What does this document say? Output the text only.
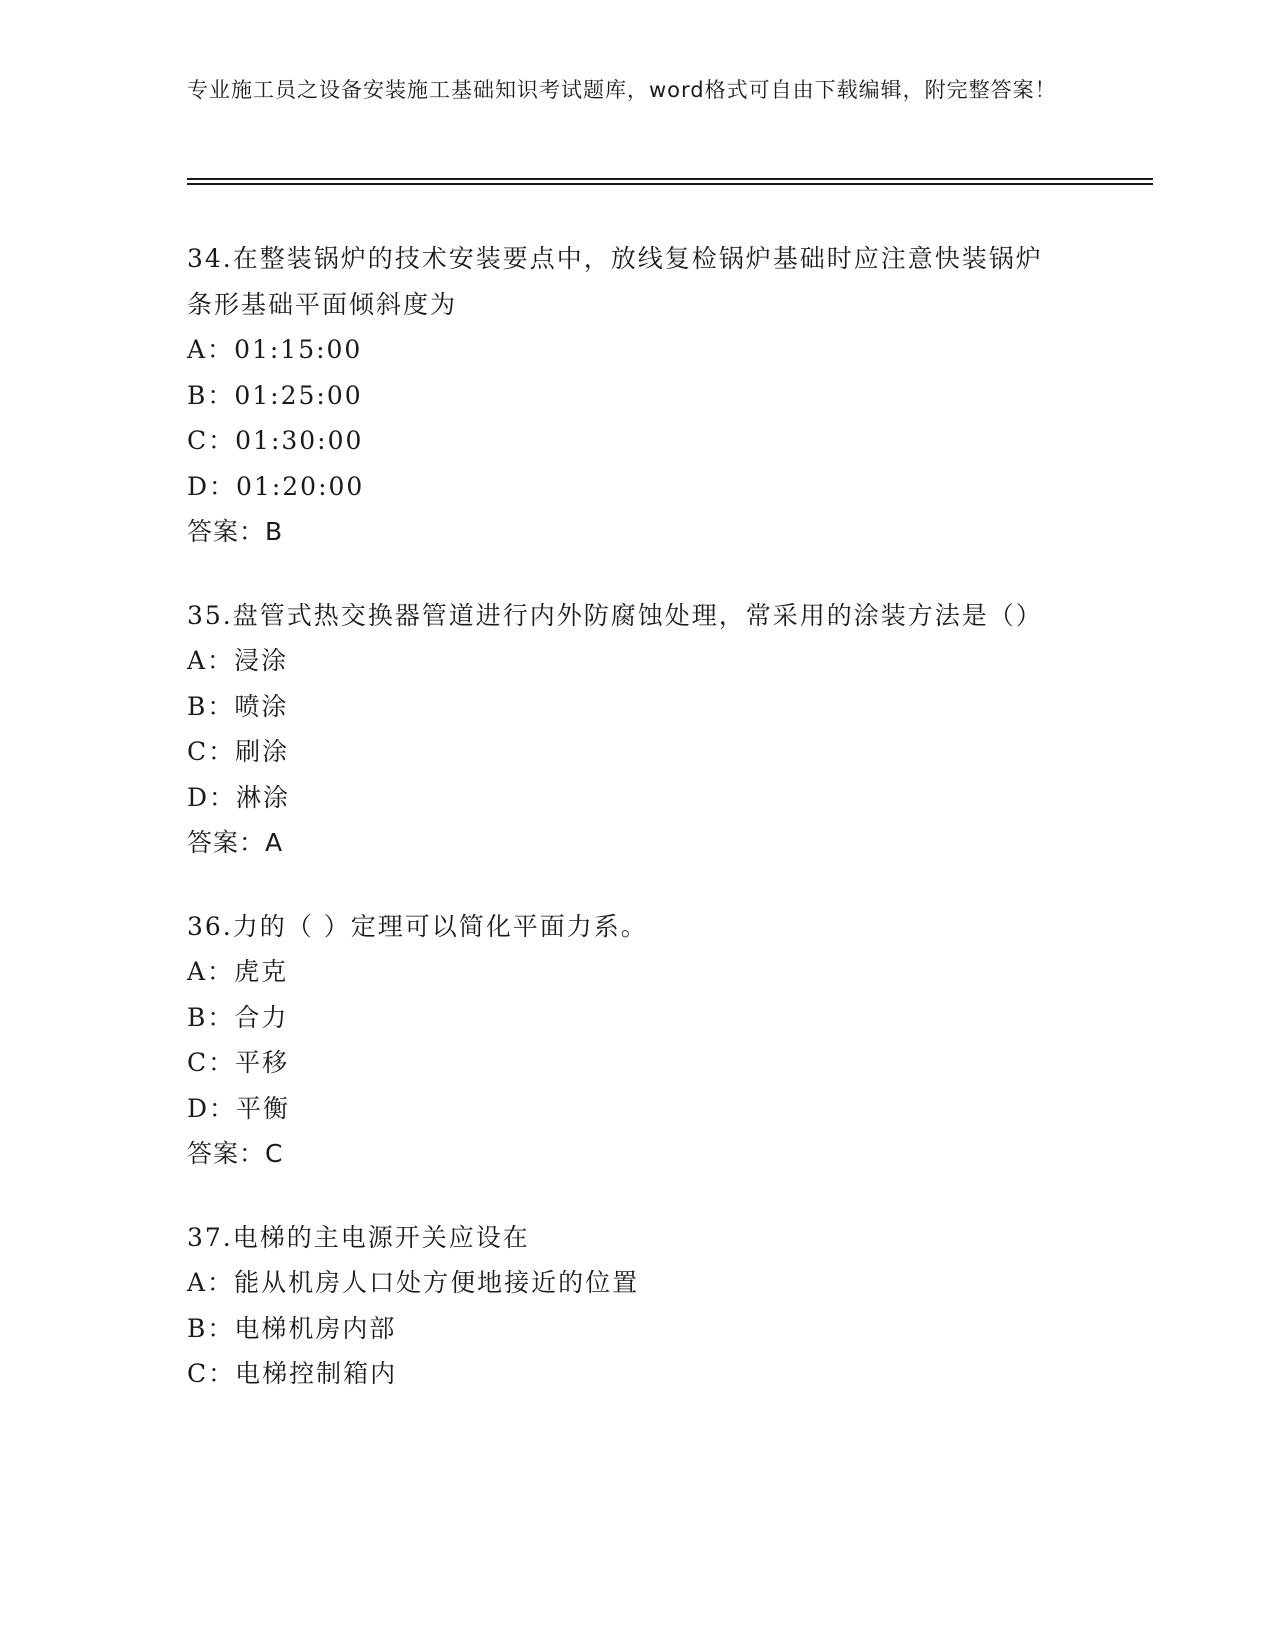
专业施工员之设备安装施工基础知识考试题库，word格式可自由下载编辑，附完整答案！
34.在整装锅炉的技术安装要点中，放线复检锅炉基础时应注意快装锅炉条形基础平面倾斜度为
A：01:15:00
B：01:25:00
C：01:30:00
D：01:20:00
答案：B
35.盘管式热交换器管道进行内外防腐蚀处理，常采用的涂装方法是（）
A：浸涂
B：喷涂
C：刷涂
D：淋涂
答案：A
36.力的（ ）定理可以简化平面力系。
A：虎克
B：合力
C：平移
D：平衡
答案：C
37.电梯的主电源开关应设在
A：能从机房人口处方便地接近的位置
B：电梯机房内部
C：电梯控制箱内
